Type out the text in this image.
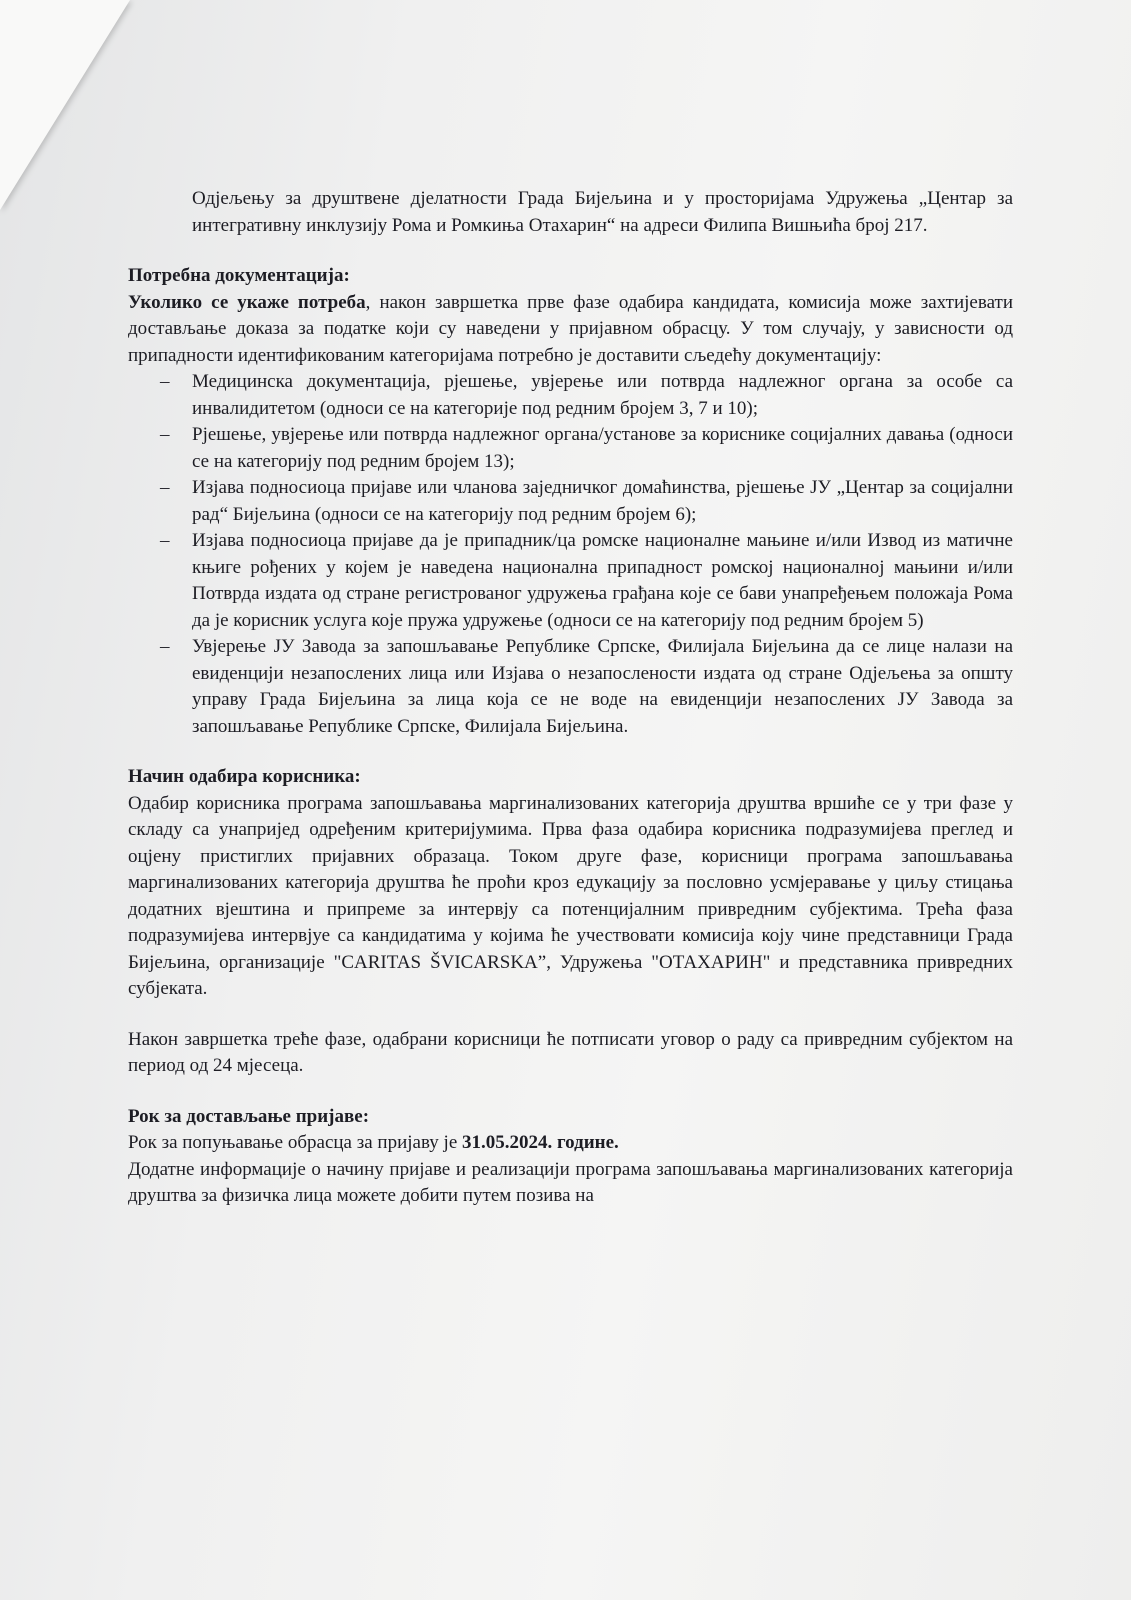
Одјељењу за друштвене дјелатности Града Бијељина и у просторијама Удружења „Центар за интегративну инклузију Рома и Ромкиња Отахарин“ на адреси Филипа Вишњића број 217.

Потребна документација:

Уколико се укаже потреба, након завршетка прве фазе одабира кандидата, комисија може захтијевати достављање доказа за податке који су наведени у пријавном обрасцу. У том случају, у зависности од припадности идентификованим категоријама потребно је доставити сљедећу документацију:

– Медицинска документација, рјешење, увјерење или потврда надлежног органа за особе са инвалидитетом (односи се на категорије под редним бројем 3, 7 и 10);
– Рјешење, увјерење или потврда надлежног органа/установе за кориснике социјалних давања (односи се на категорију под редним бројем 13);
– Изјава подносиоца пријаве или чланова заједничког домаћинства, рјешење ЈУ „Центар за социјални рад“ Бијељина (односи се на категорију под редним бројем 6);
– Изјава подносиоца пријаве да је припадник/ца ромске националне мањине и/или Извод из матичне књиге рођених у којем је наведена национална припадност ромској националној мањини и/или Потврда издата од стране регистрованог удружења грађана које се бави унапређењем положаја Рома да је корисник услуга које пружа удружење (односи се на категорију под редним бројем 5)
– Увјерење ЈУ Завода за запошљавање Републике Српске, Филијала Бијељина да се лице налази на евиденцији незапослених лица или Изјава о незапослености издата од стране Одјељења за општу управу Града Бијељина за лица која се не воде на евиденцији незапослених ЈУ Завода за запошљавање Републике Српске, Филијала Бијељина.

Начин одабира корисника:

Одабир корисника програма запошљавања маргинализованих категорија друштва вршиће се у три фазе у складу са унапријед одређеним критеријумима. Прва фаза одабира корисника подразумијева преглед и оцјену пристиглих пријавних образаца. Током друге фазе, корисници програма запошљавања маргинализованих категорија друштва ће проћи кроз едукацију за пословно усмјеравање у циљу стицања додатних вјештина и припреме за интервју са потенцијалним привредним субјектима. Трећа фаза подразумијева интервјуе са кандидатима у којима ће учествовати комисија коју чине представници Града Бијељина, организације "CARITAS ŠVICARSKA”, Удружења "ОТАХАРИН" и представника привредних субјеката.

Након завршетка треће фазе, одабрани корисници ће потписати уговор о раду са привредним субјектом на период од 24 мјесеца.

Рок за достављање пријаве:

Рок за попуњавање обрасца за пријаву је 31.05.2024. године.

Додатне информације о начину пријаве и реализацији програма запошљавања маргинализованих категорија друштва за физичка лица можете добити путем позива на
